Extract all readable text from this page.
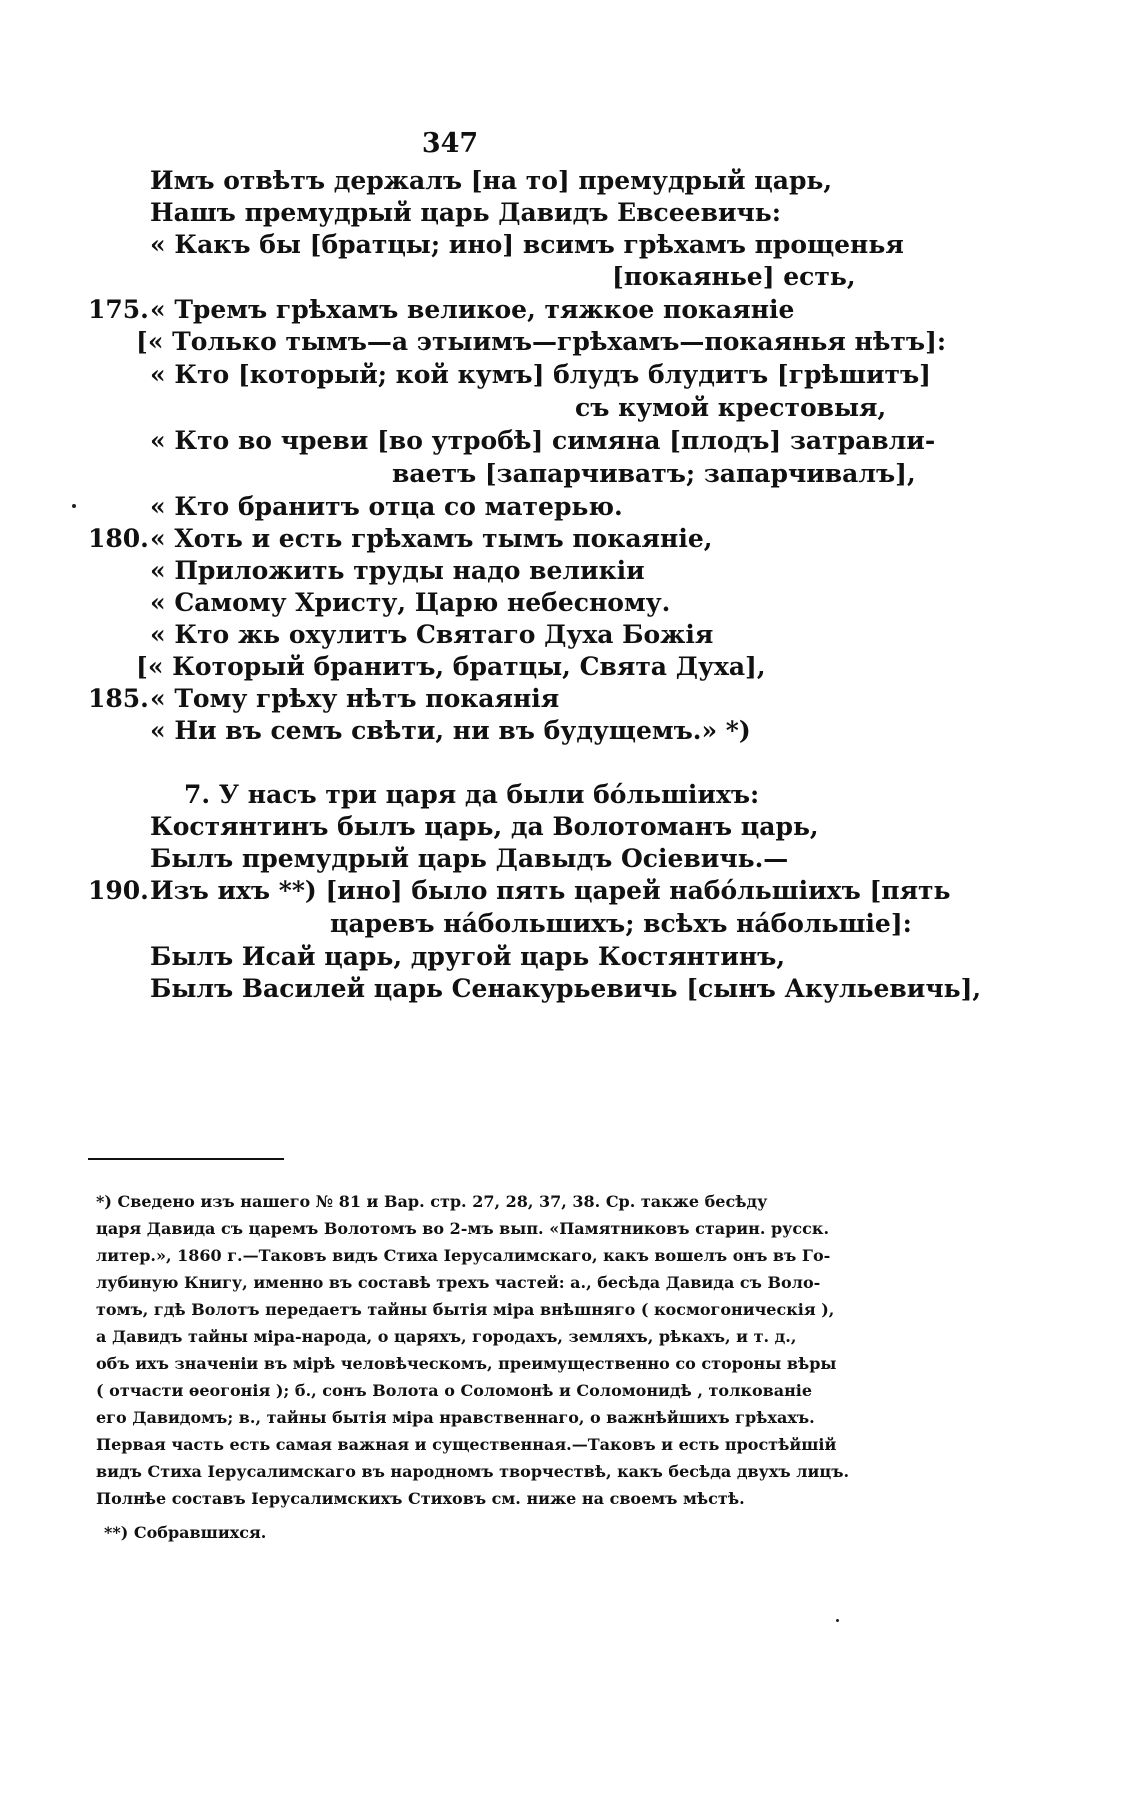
347
Имъ отвѣтъ держалъ [на то] премудрый царь,
Нашъ премудрый царь Давидъ Евсеевичь:
« Какъ бы [братцы; ино] всимъ грѣхамъ прощенья
[покаянье] есть,
175. « Тремъ грѣхамъ великое, тяжкое покаяніе
[« Только тымъ—а этыимъ—грѣхамъ—покаянья нѣтъ]:
« Кто [который; кой кумъ] блудъ блудитъ [грѣшитъ]
съ кумой крестовыя,
« Кто во чреви [во утробѣ] симяна [плодъ] затравли-
ваетъ [запарчиватъ; запарчивалъ],
« Кто бранитъ отца со матерью.
180. « Хоть и есть грѣхамъ тымъ покаяніе,
« Приложить труды надо великіи
« Самому Христу, Царю небесному.
« Кто жь охулитъ Святаго Духа Божія
[« Который бранитъ, братцы, Свята Духа],
185. « Тому грѣху нѣтъ покаянія
« Ни въ семъ свѣти, ни въ будущемъ.» *)
7. У насъ три царя да были бо́льшіихъ:
Костянтинъ былъ царь, да Волотоманъ царь,
Былъ премудрый царь Давыдъ Осіевичь.—
190. Изъ ихъ **) [ино] было пять царей набо́льшіихъ [пять
царевъ на́большихъ; всѣхъ на́большіе]:
Былъ Исай царь, другой царь Костянтинъ,
Былъ Василей царь Сенакурьевичь [сынъ Акульевичь],
*) Сведено изъ нашего № 81 и Вар. стр. 27, 28, 37, 38. Ср. также бесѣду
царя Давида съ царемъ Волотомъ во 2-мъ вып. «Памятниковъ старин. русск.
литер.», 1860 г.—Таковъ видъ Стиха Іерусалимскаго, какъ вошелъ онъ въ Го-
лубиную Книгу, именно въ составѣ трехъ частей: а., бесѣда Давида съ Воло-
томъ, гдѣ Волотъ передаетъ тайны бытія міра внѣшняго ( космогоническія ),
а Давидъ тайны міра-народа, о царяхъ, городахъ, земляхъ, рѣкахъ, и т. д.,
объ ихъ значеніи въ мірѣ человѣческомъ, преимущественно со стороны вѣры
( отчасти ѳеогонія ); б., сонъ Волота о Соломонѣ и Соломонидѣ , толкованіе
его Давидомъ; в., тайны бытія міра нравственнаго, о важнѣйшихъ грѣхахъ.
Первая часть есть самая важная и существенная.—Таковъ и есть простѣйшій
видъ Стиха Іерусалимскаго въ народномъ творчествѣ, какъ бесѣда двухъ лицъ.
Полнѣе составъ Іерусалимскихъ Стиховъ см. ниже на своемъ мѣстѣ.
**) Собравшихся.
